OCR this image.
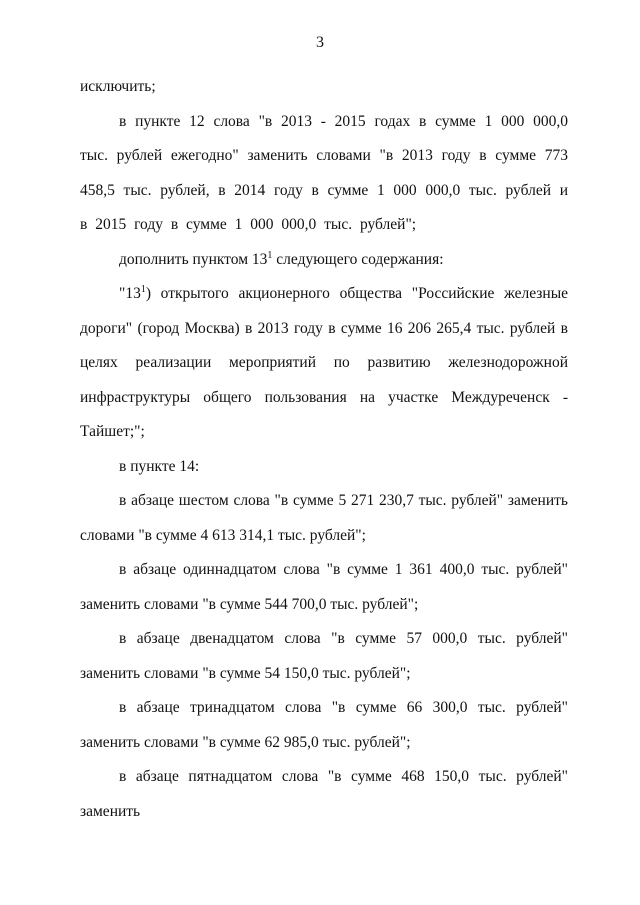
3

исключить;

в пункте 12 слова "в 2013 - 2015 годах в сумме 1 000 000,0 тыс. рублей ежегодно" заменить словами "в 2013 году в сумме 773 458,5 тыс. рублей, в 2014 году в сумме 1 000 000,0 тыс. рублей и в 2015 году в сумме 1 000 000,0 тыс. рублей";

дополнить пунктом $13^1$ следующего содержания:

"$13^1$) открытого акционерного общества "Российские железные дороги" (город Москва) в 2013 году в сумме 16 206 265,4 тыс. рублей в целях реализации мероприятий по развитию железнодорожной инфраструктуры общего пользования на участке Междуреченск - Тайшет;";

в пункте 14:

в абзаце шестом слова "в сумме 5 271 230,7 тыс. рублей" заменить словами "в сумме 4 613 314,1 тыс. рублей";

в абзаце одиннадцатом слова "в сумме 1 361 400,0 тыс. рублей" заменить словами "в сумме 544 700,0 тыс. рублей";

в абзаце двенадцатом слова "в сумме 57 000,0 тыс. рублей" заменить словами "в сумме 54 150,0 тыс. рублей";

в абзаце тринадцатом слова "в сумме 66 300,0 тыс. рублей" заменить словами "в сумме 62 985,0 тыс. рублей";

в абзаце пятнадцатом слова "в сумме 468 150,0 тыс. рублей" заменить
